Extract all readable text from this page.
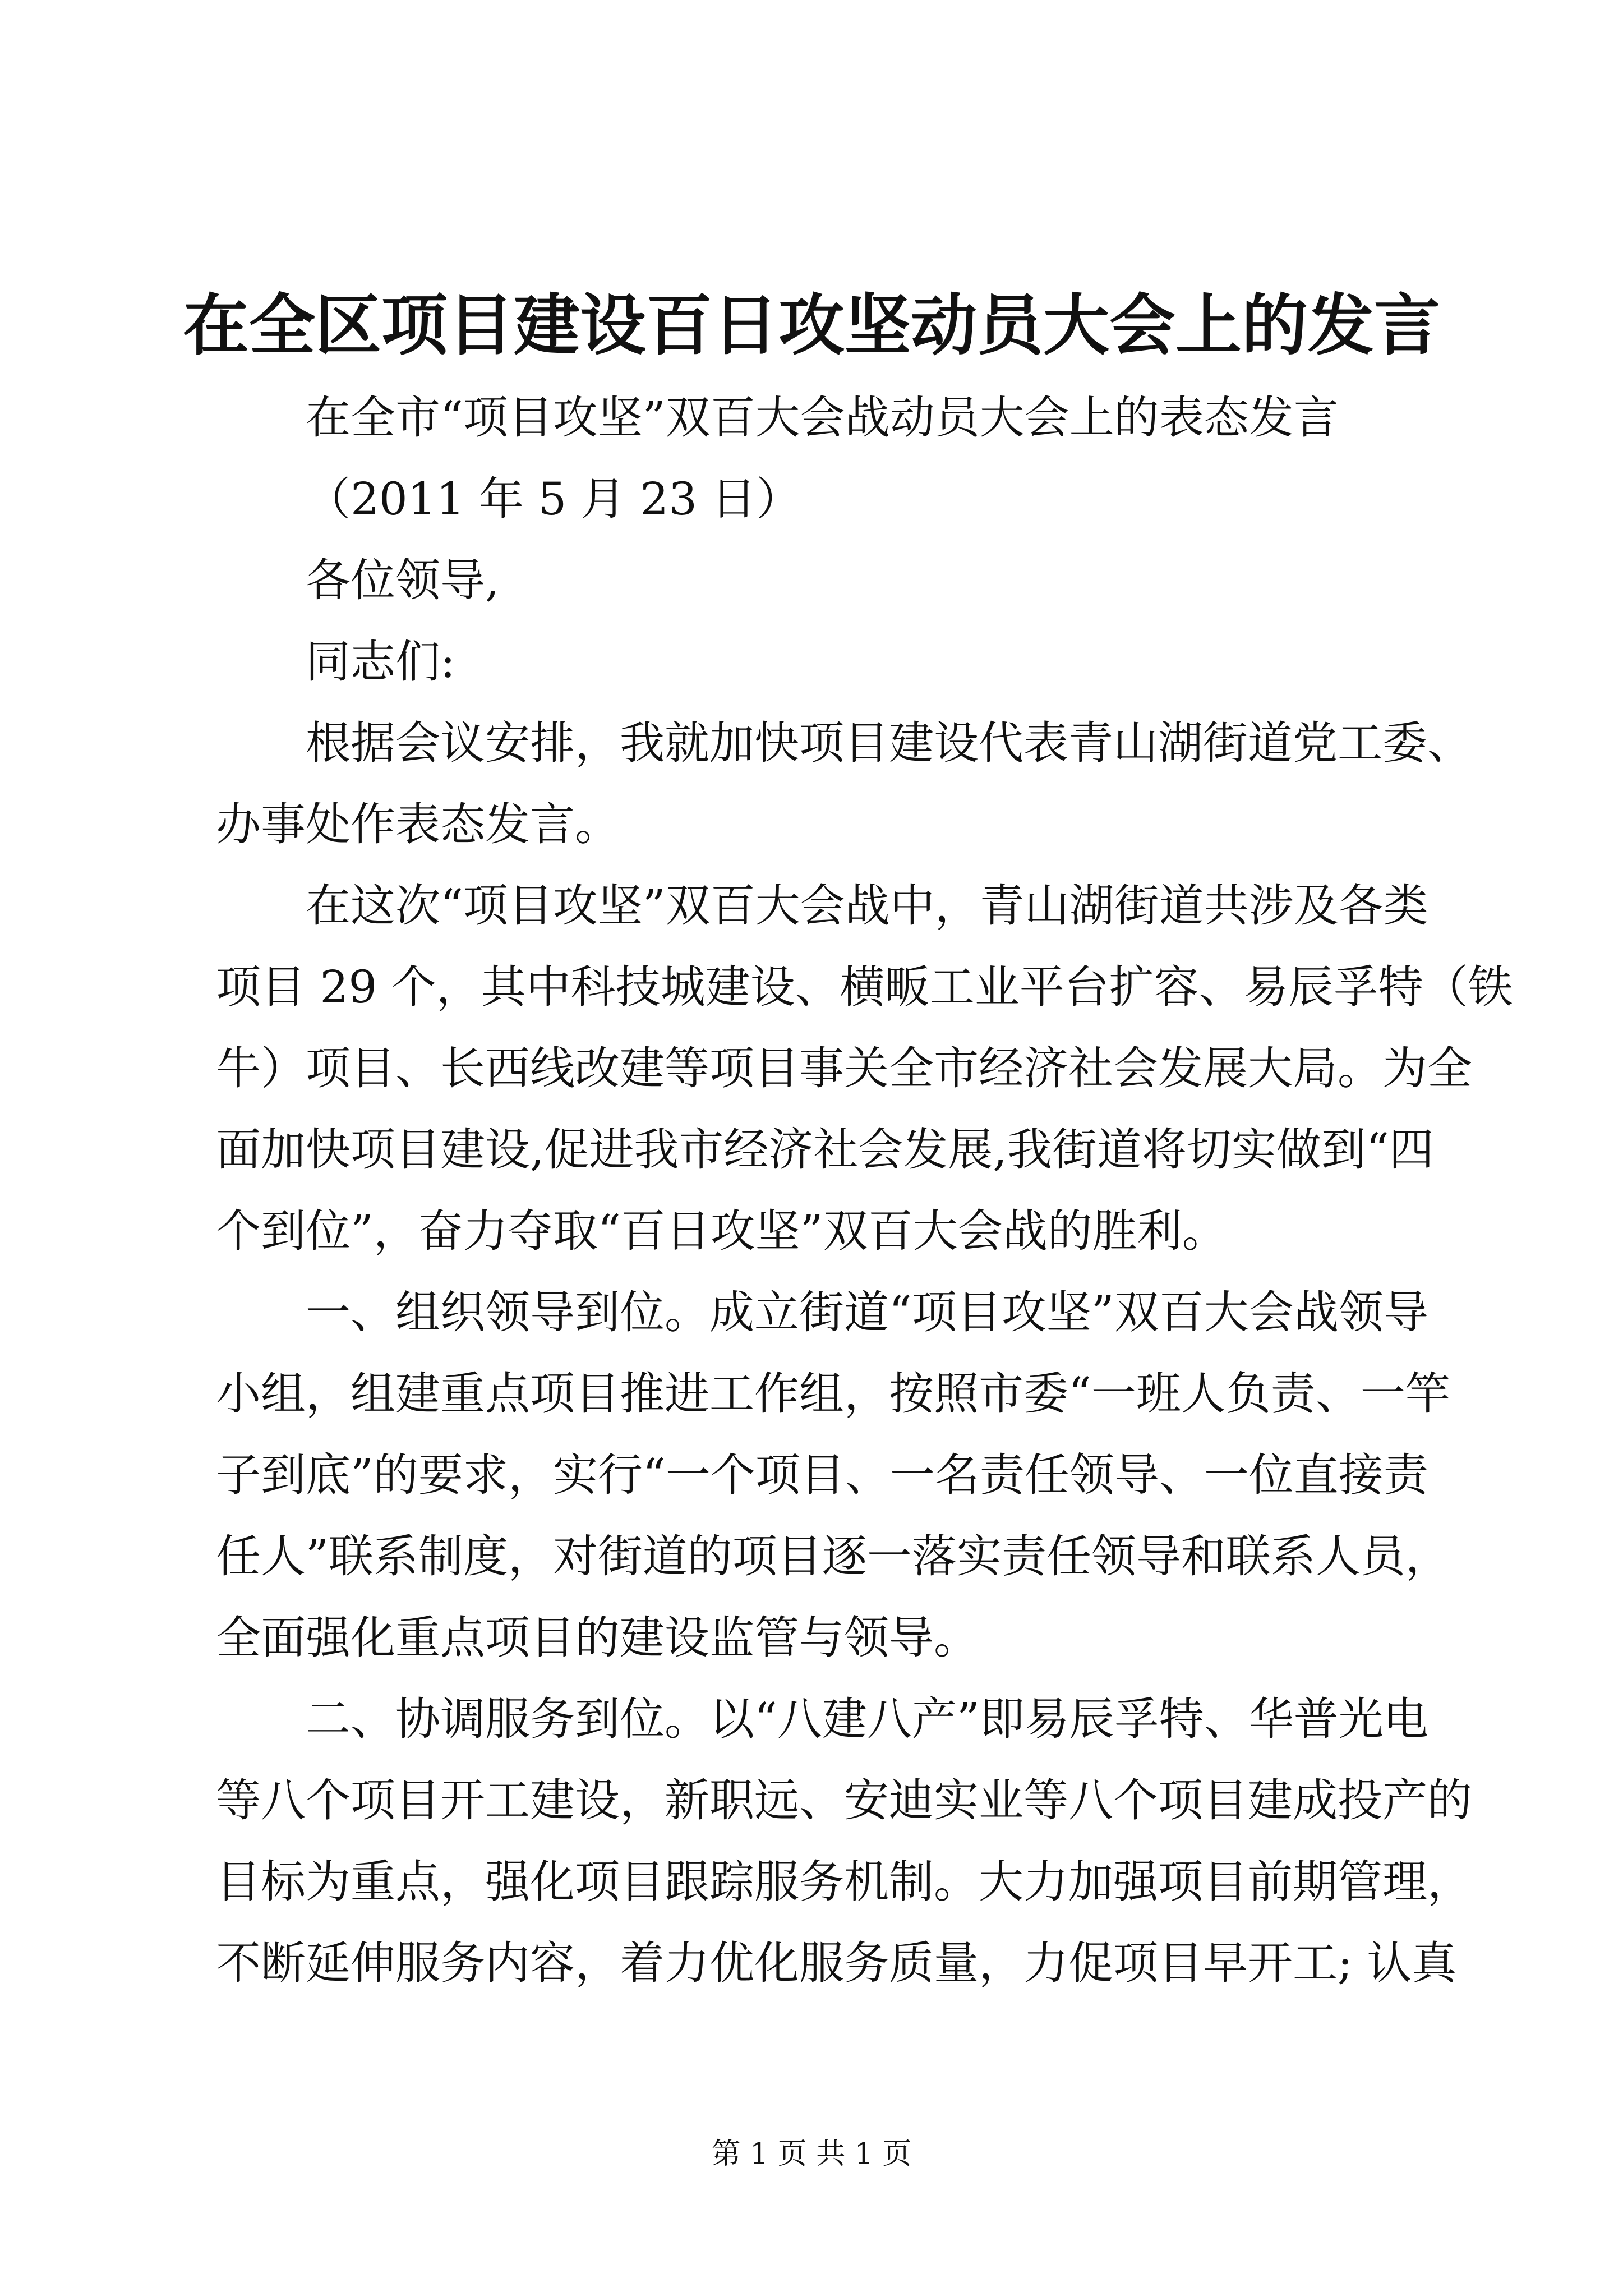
在全区项目建设百日攻坚动员大会上的发言
在全市“项目攻坚”双百大会战动员大会上的表态发言
（2011 年 5 月 23 日）
各位领导,
同志们:
根据会议安排，我就加快项目建设代表青山湖街道党工委、
办事处作表态发言。
在这次“项目攻坚”双百大会战中，青山湖街道共涉及各类
项目 29 个，其中科技城建设、横畈工业平台扩容、易辰孚特（铁
牛）项目、长西线改建等项目事关全市经济社会发展大局。为全
面加快项目建设,促进我市经济社会发展,我街道将切实做到“四
个到位”，奋力夺取“百日攻坚”双百大会战的胜利。
一、组织领导到位。成立街道“项目攻坚”双百大会战领导
小组，组建重点项目推进工作组，按照市委“一班人负责、一竿
子到底”的要求，实行“一个项目、一名责任领导、一位直接责
任人”联系制度，对街道的项目逐一落实责任领导和联系人员，
全面强化重点项目的建设监管与领导。
二、协调服务到位。以“八建八产”即易辰孚特、华普光电
等八个项目开工建设，新职远、安迪实业等八个项目建成投产的
目标为重点，强化项目跟踪服务机制。大力加强项目前期管理，
不断延伸服务内容，着力优化服务质量，力促项目早开工; 认真
第 1 页 共 1 页
